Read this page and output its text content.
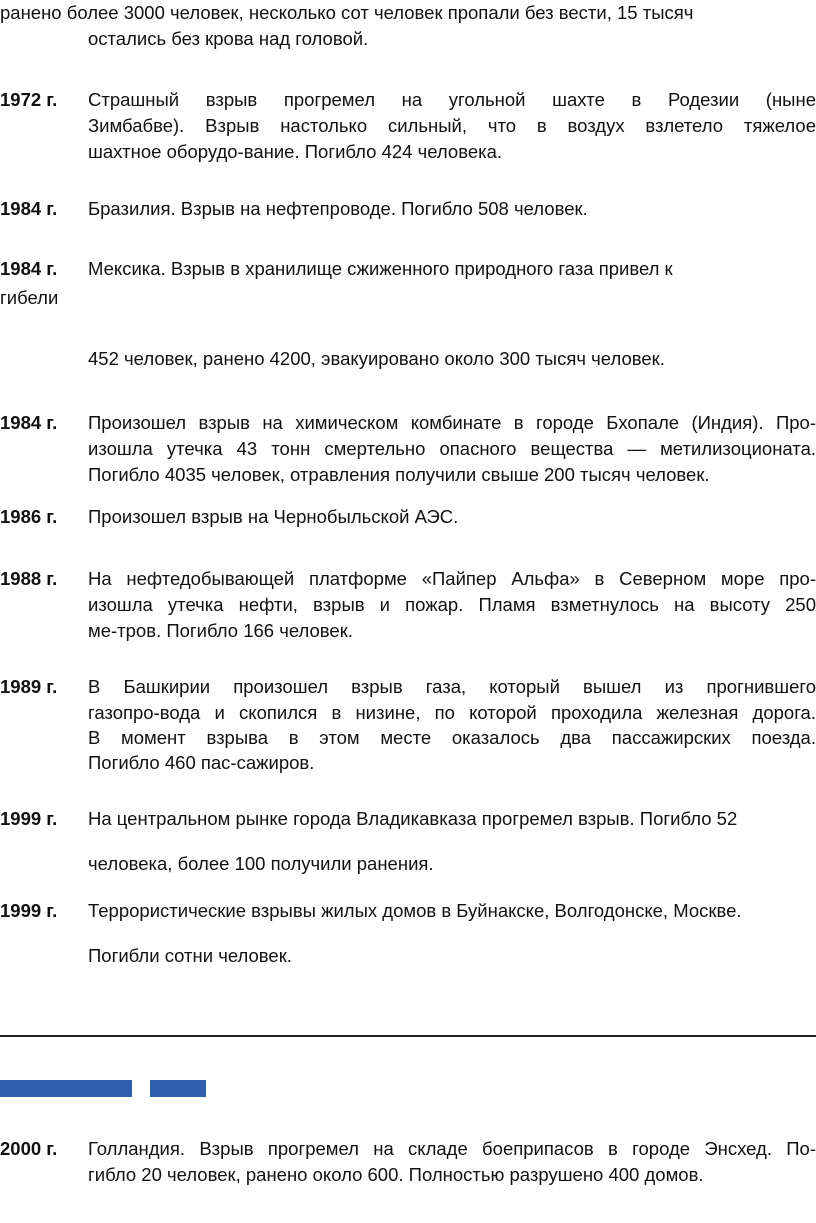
ранено более 3000 человек, несколько сот человек пропали без вести, 15 тысяч
остались без крова над головой.
1972 г. Страшный взрыв прогремел на угольной шахте в Родезии (ныне
Зимбабве). Взрыв настолько сильный, что в воздух взлетело тяжелое
шахтное оборудо-вание. Погибло 424 человека.
1984 г. Бразилия. Взрыв на нефтепроводе. Погибло 508 человек.
1984 г. Мексика. Взрыв в хранилище сжиженного природного газа привел к
гибели
452 человек, ранено 4200, эвакуировано около 300 тысяч человек.
1984 г. Произошел взрыв на химическом комбинате в городе Бхопале (Индия). Про-
изошла утечка 43 тонн смертельно опасного вещества — метилизоционата.
Погибло 4035 человек, отравления получили свыше 200 тысяч человек.
1986 г. Произошел взрыв на Чернобыльской АЭС.
1988 г. На нефтедобывающей платформе «Пайпер Альфа» в Северном море про-
изошла утечка нефти, взрыв и пожар. Пламя взметнулось на высоту 250
ме-тров. Погибло 166 человек.
1989 г. В Башкирии произошел взрыв газа, который вышел из прогнившего
газопро-вода и скопился в низине, по которой проходила железная дорога.
В момент взрыва в этом месте оказалось два пассажирских поезда.
Погибло 460 пас-сажиров.
1999 г. На центральном рынке города Владикавказа прогремел взрыв. Погибло 52
человека, более 100 получили ранения.
1999 г. Террористические взрывы жилых домов в Буйнакске, Волгодонске, Москве.
Погибли сотни человек.
2000 г. Голландия. Взрыв прогремел на складе боеприпасов в городе Энсхед. По-
гибло 20 человек, ранено около 600. Полностью разрушено 400 домов.
